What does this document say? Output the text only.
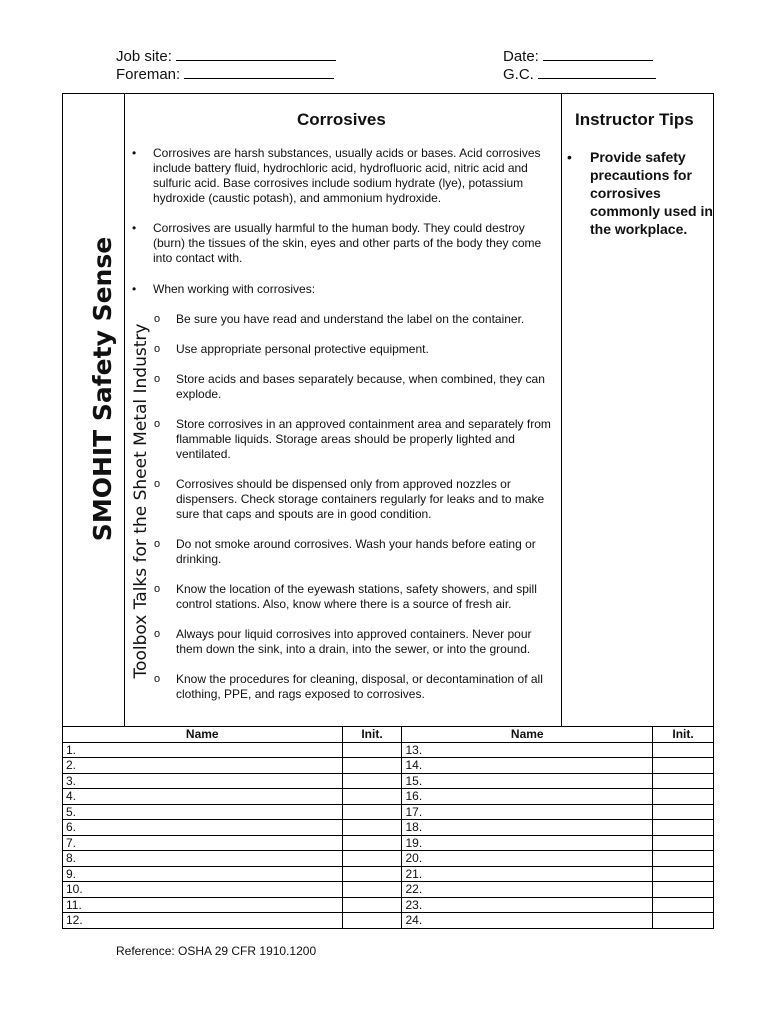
Job site:
Foreman:
Date:
G.C.
SMOHIT Safety Sense Toolbox Talks for the Sheet Metal Industry
Corrosives	Instructor Tips
• Corrosives are harsh substances, usually acids or bases. Acid corrosives include battery fluid, hydrochloric acid, hydrofluoric acid, nitric acid and sulfuric acid. Base corrosives include sodium hydrate (lye), potassium hydroxide (caustic potash), and ammonium hydroxide.
• Corrosives are usually harmful to the human body. They could destroy (burn) the tissues of the skin, eyes and other parts of the body they come into contact with.
• When working with corrosives:
o Be sure you have read and understand the label on the container.
o Use appropriate personal protective equipment.
o Store acids and bases separately because, when combined, they can explode.
o Store corrosives in an approved containment area and separately from flammable liquids. Storage areas should be properly lighted and ventilated.
o Corrosives should be dispensed only from approved nozzles or dispensers. Check storage containers regularly for leaks and to make sure that caps and spouts are in good condition.
o Do not smoke around corrosives. Wash your hands before eating or drinking.
o Know the location of the eyewash stations, safety showers, and spill control stations. Also, know where there is a source of fresh air.
o Always pour liquid corrosives into approved containers. Never pour them down the sink, into a drain, into the sewer, or into the ground.
o Know the procedures for cleaning, disposal, or decontamination of all clothing, PPE, and rags exposed to corrosives.
•	Provide safety precautions for corrosives commonly used in the workplace.
Name	Init.	Name	Init.
1.		13.	
2.		14.	
3.		15.	
4.		16.	
5.		17.	
6.		18.	
7.		19.	
8.		20.	
9.		21.	
10.		22.	
11.		23.	
12.		24.	
Reference: OSHA 29 CFR 1910.1200
